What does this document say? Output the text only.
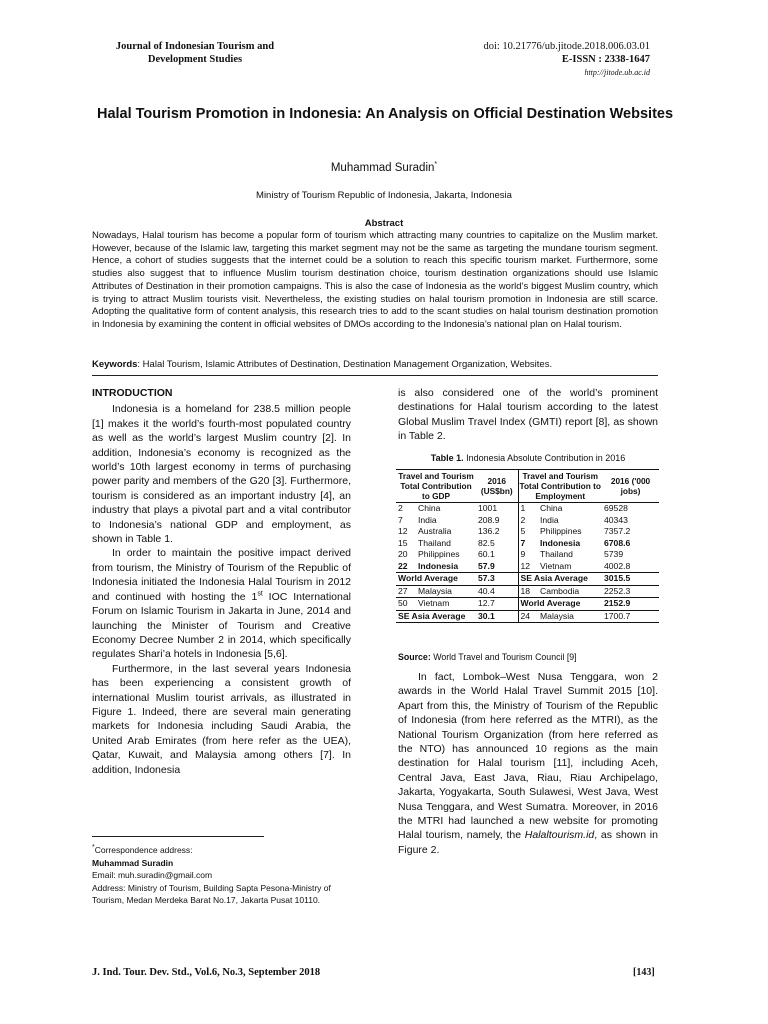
Journal of Indonesian Tourism and
Development Studies
doi: 10.21776/ub.jitode.2018.006.03.01
E-ISSN : 2338-1647
http://jitode.ub.ac.id
Halal Tourism Promotion in Indonesia: An Analysis on Official Destination Websites
Muhammad Suradin*
Ministry of Tourism Republic of Indonesia, Jakarta, Indonesia
Abstract
Nowadays, Halal tourism has become a popular form of tourism which attracting many countries to capitalize on the Muslim market. However, because of the Islamic law, targeting this market segment may not be the same as targeting the mundane tourism segment. Hence, a cohort of studies suggests that the internet could be a solution to reach this specific tourism market. Furthermore, some studies also suggest that to influence Muslim tourism destination choice, tourism destination organizations should use Islamic Attributes of Destination in their promotion campaigns. This is also the case of Indonesia as the world’s biggest Muslim country, which is trying to attract Muslim tourists visit. Nevertheless, the existing studies on halal tourism promotion in Indonesia are still scarce. Adopting the qualitative form of content analysis, this research tries to add to the scant studies on halal tourism destination promotion in Indonesia by examining the content in official websites of DMOs according to the Indonesia’s national plan on Halal tourism.
Keywords: Halal Tourism, Islamic Attributes of Destination, Destination Management Organization, Websites.

INTRODUCTION

Indonesia is a homeland for 238.5 million people [1] makes it the world’s fourth-most populated country as well as the world’s largest Muslim country [2]. In addition, Indonesia’s economy is recognized as the world’s 10th largest economy in terms of purchasing power parity and members of the G20 [3]. Furthermore, tourism is considered as an important industry [4], an industry that plays a pivotal part and a vital contributor to Indonesia’s national GDP and employment, as shown in Table 1.

In order to maintain the positive impact derived from tourism, the Ministry of Tourism of the Republic of Indonesia initiated the Indonesia Halal Tourism in 2012 and continued with hosting the 1st IOC International Forum on Islamic Tourism in Jakarta in June, 2014 and launching the Minister of Tourism and Creative Economy Decree Number 2 in 2014, which specifically regulates Shari’a hotels in Indonesia [5,6].

Furthermore, in the last several years Indonesia has been experiencing a consistent growth of international Muslim tourist arrivals, as illustrated in Figure 1. Indeed, there are several main generating markets for Indonesia including Saudi Arabia, the United Arab Emirates (from here refer as the UEA), Qatar, Kuwait, and Malaysia among others [7]. In addition, Indonesia

*Correspondence address:
Muhammad Suradin
Email: muh.suradin@gmail.com
Address: Ministry of Tourism, Building Sapta Pesona-Ministry of Tourism, Medan Merdeka Barat No.17, Jakarta Pusat 10110.

is also considered one of the world’s prominent destinations for Halal tourism according to the latest Global Muslim Travel Index (GMTI) report [8], as shown in Table 2.

Table 1. Indonesia Absolute Contribution in 2016
Travel and Tourism Total Contribution to GDP		2016 (US$bn)	Travel and Tourism Total Contribution to Employment		2016 ('000 jobs)
2	China	1001	1	China	69528
7	India	208.9	2	India	40343
12	Australia	136.2	5	Philippines	7357.2
15	Thailand	82.5	7	Indonesia	6708.6
20	Philippines	60.1	9	Thailand	5739
22	Indonesia	57.9	12	Vietnam	4002.8
World Average		57.3	SE Asia Average		3015.5
27	Malaysia	40.4	18	Cambodia	2252.3
50	Vietnam	12.7	World Average		2152.9
SE Asia Average		30.1	24	Malaysia	1700.7
Source: World Travel and Tourism Council [9]

In fact, Lombok–West Nusa Tenggara, won 2 awards in the World Halal Travel Summit 2015 [10]. Apart from this, the Ministry of Tourism of the Republic of Indonesia (from here referred as the MTRI), as the National Tourism Organization (from here referred as the NTO) has announced 10 regions as the main destination for Halal tourism [11], including Aceh, Central Java, East Java, Riau, Riau Archipelago, Jakarta, Yogyakarta, South Sulawesi, West Java, West Nusa Tenggara, and West Sumatra. Moreover, in 2016 the MTRI had launched a new website for promoting Halal tourism, namely, the Halaltourism.id, as shown in Figure 2.

J. Ind. Tour. Dev. Std., Vol.6, No.3, September 2018	[143]
